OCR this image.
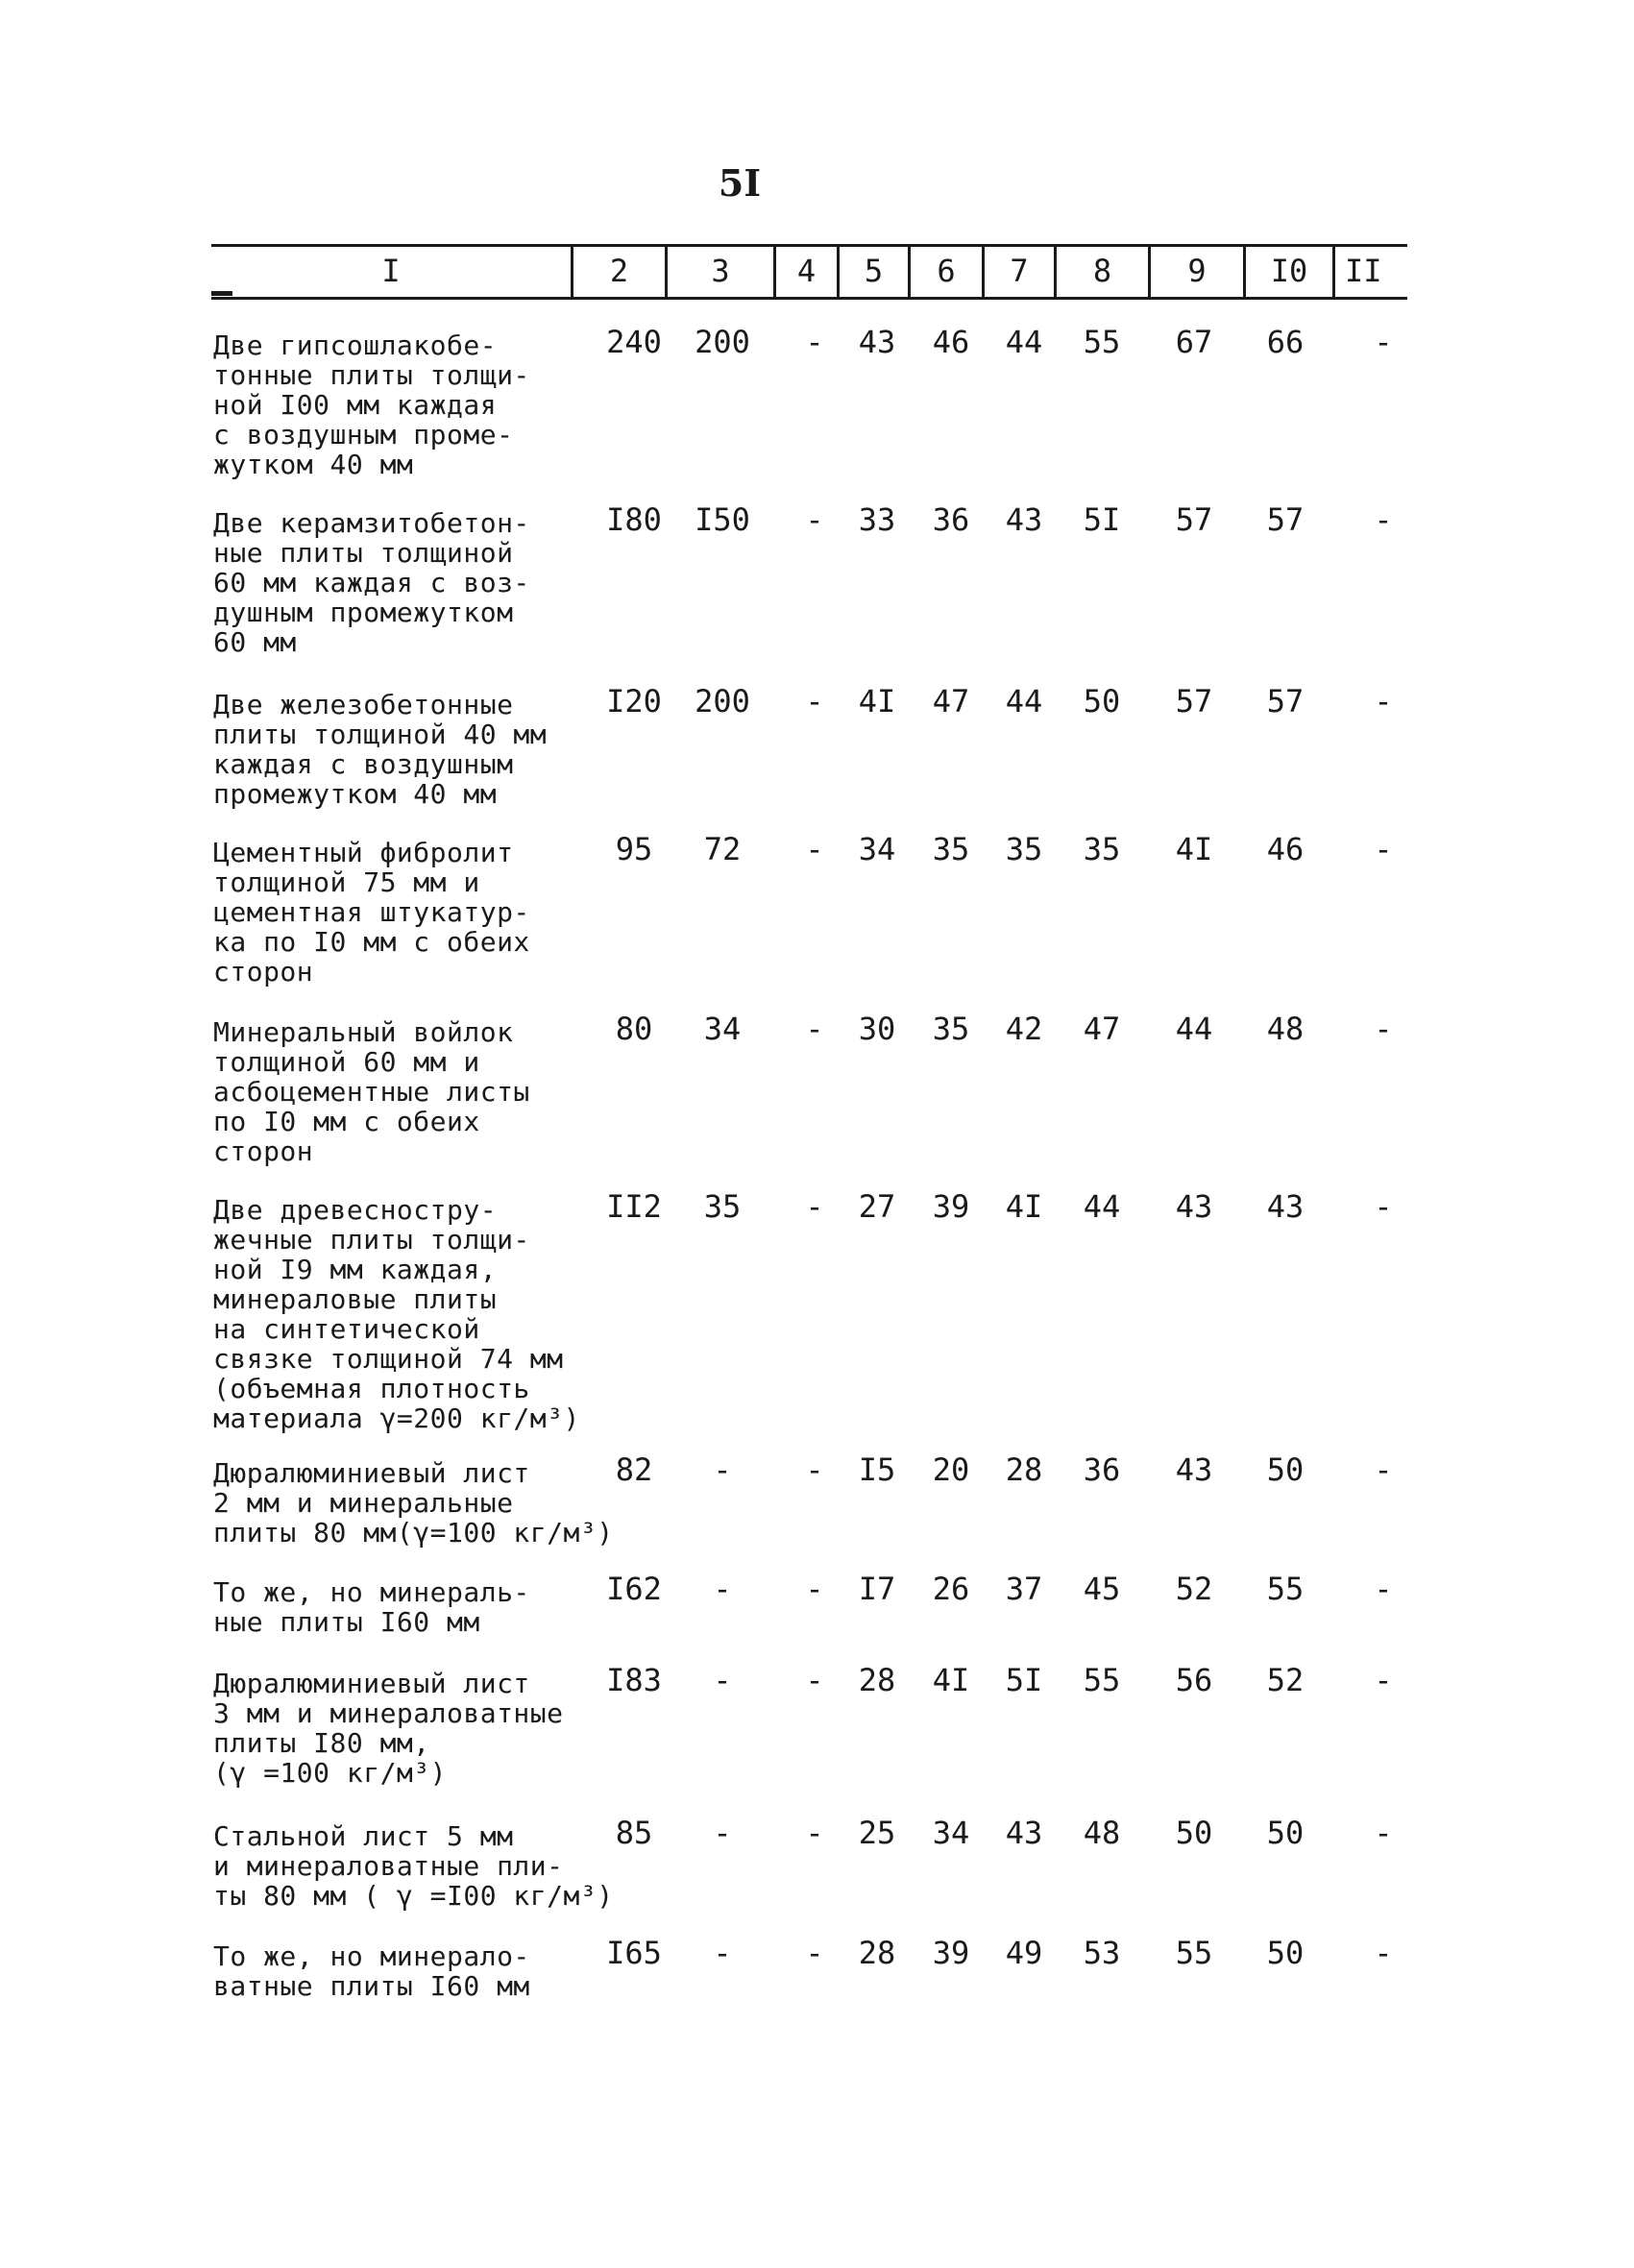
5I
I	2	3	4	5	6	7	8	9	I0	II
Две гипсошлакобе-
тонные плиты толщи-
ной I00 мм каждая
с воздушным проме-
жутком 40 мм
240	200	-	43	46	44	55	67	66	-
Две керамзитобетон-
ные плиты толщиной
60 мм каждая с воз-
душным промежутком
60 мм
I80	I50	-	33	36	43	5I	57	57	-
Две железобетонные
плиты толщиной 40 мм
каждая с воздушным
промежутком 40 мм
I20	200	-	4I	47	44	50	57	57	-
Цементный фибролит
толщиной 75 мм и
цементная штукатур-
ка по I0 мм с обеих
сторон
95	72	-	34	35	35	35	4I	46	-
Минеральный войлок
толщиной 60 мм и
асбоцементные листы
по I0 мм с обеих
сторон
80	34	-	30	35	42	47	44	48	-
Две древесностру-
жечные плиты толщи-
ной I9 мм каждая,
минераловые плиты
на синтетической
связке толщиной 74 мм
(объемная плотность
материала γ=200 кг/м³)
II2	35	-	27	39	4I	44	43	43	-
Дюралюминиевый лист
2 мм и минеральные
плиты 80 мм(γ=100 кг/м³)
82	-	-	I5	20	28	36	43	50	-
То же, но минераль-
ные плиты I60 мм
I62	-	-	I7	26	37	45	52	55	-
Дюралюминиевый лист
3 мм и минераловатные
плиты I80 мм,
(γ =100 кг/м³)
I83	-	-	28	4I	5I	55	56	52	-
Стальной лист 5 мм
и минераловатные пли-
ты 80 мм ( γ =I00 кг/м³)
85	-	-	25	34	43	48	50	50	-
То же, но минерало-
ватные плиты I60 мм
I65	-	-	28	39	49	53	55	50	-
